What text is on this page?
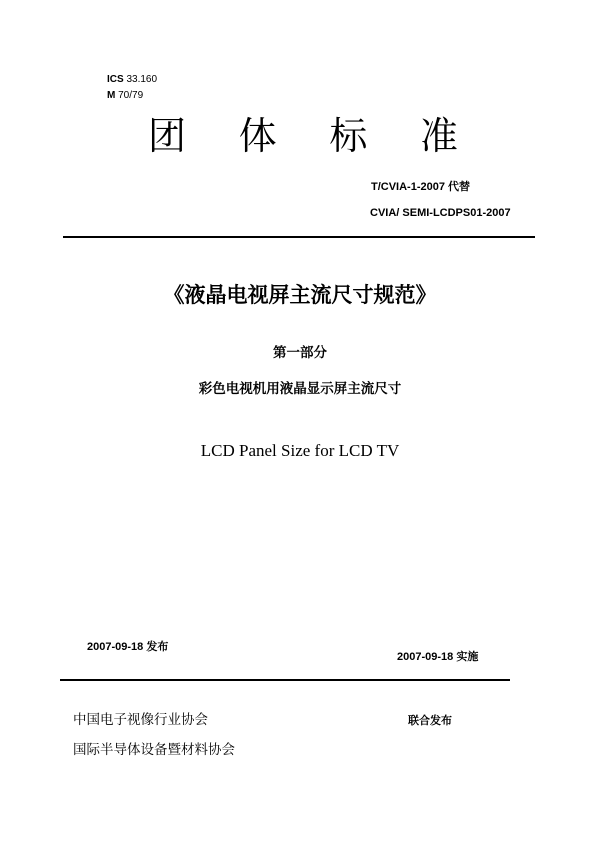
ICS 33.160
M 70/79
团 体 标 准
T/CVIA-1-2007 代替
CVIA/ SEMI-LCDPS01-2007
《液晶电视屏主流尺寸规范》
第一部分
彩色电视机用液晶显示屏主流尺寸
LCD Panel Size for LCD TV
2007-09-18 发布
2007-09-18 实施
中国电子视像行业协会
国际半导体设备暨材料协会
联合发布
